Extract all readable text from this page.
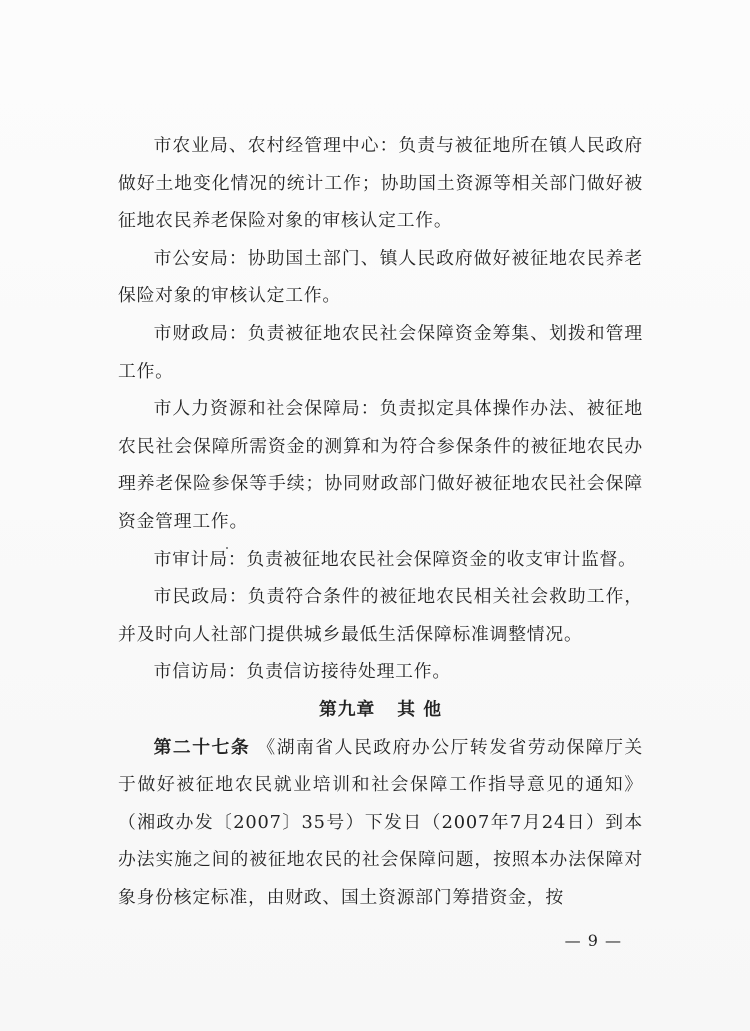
市农业局、农村经管理中心：负责与被征地所在镇人民政府做好土地变化情况的统计工作；协助国土资源等相关部门做好被征地农民养老保险对象的审核认定工作。

市公安局：协助国土部门、镇人民政府做好被征地农民养老保险对象的审核认定工作。

市财政局：负责被征地农民社会保障资金筹集、划拨和管理工作。

市人力资源和社会保障局：负责拟定具体操作办法、被征地农民社会保障所需资金的测算和为符合参保条件的被征地农民办理养老保险参保等手续；协同财政部门做好被征地农民社会保障资金管理工作。

市审计局：负责被征地农民社会保障资金的收支审计监督。

市民政局：负责符合条件的被征地农民相关社会救助工作，并及时向人社部门提供城乡最低生活保障标准调整情况。

市信访局：负责信访接待处理工作。

第九章 其 他

第二十七条 《湖南省人民政府办公厅转发省劳动保障厅关于做好被征地农民就业培训和社会保障工作指导意见的通知》（湘政办发〔2007〕35号）下发日（2007年7月24日）到本办法实施之间的被征地农民的社会保障问题，按照本办法保障对象身份核定标准，由财政、国土资源部门筹措资金，按

— 9 —
